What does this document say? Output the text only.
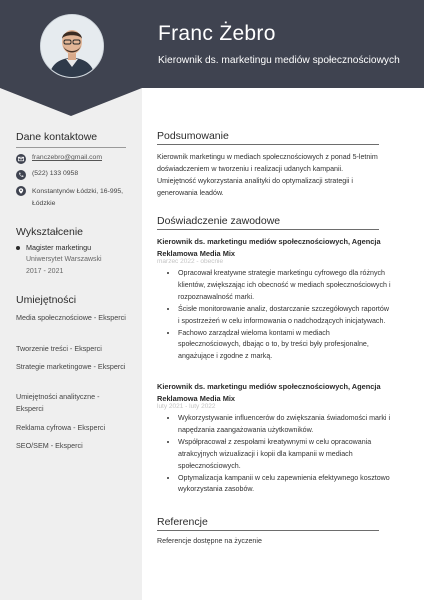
Franc Żebro
Kierownik ds. marketingu mediów społecznościowych
Dane kontaktowe
franczebro@gmail.com
(522) 133 0958
Konstantynów Łódzki, 16-995,
Łódzkie
Wykształcenie
Magister marketingu
Uniwersytet Warszawski
2017 - 2021
Umiejętności
Media społecznościowe - Eksperci
Tworzenie treści - Eksperci
Strategie marketingowe - Eksperci
Umiejętności analityczne - Eksperci
Reklama cyfrowa - Eksperci
SEO/SEM - Eksperci
Podsumowanie
Kierownik marketingu w mediach społecznościowych z ponad 5-letnim doświadczeniem w tworzeniu i realizacji udanych kampanii. Umiejętność wykorzystania analityki do optymalizacji strategii i generowania leadów.
Doświadczenie zawodowe
Kierownik ds. marketingu mediów społecznościowych, Agencja Reklamowa Media Mix
marzec 2022 - obecnie
• Opracował kreatywne strategie marketingu cyfrowego dla różnych klientów, zwiększając ich obecność w mediach społecznościowych i rozpoznawalność marki.
• Ścisłe monitorowanie analiz, dostarczanie szczegółowych raportów i spostrzeżeń w celu informowania o nadchodzących inicjatywach.
• Fachowo zarządzał wieloma kontami w mediach społecznościowych, dbając o to, by treści były profesjonalne, angażujące i zgodne z marką.
Kierownik ds. marketingu mediów społecznościowych, Agencja Reklamowa Media Mix
luty 2021 - luty 2022
• Wykorzystywanie influencerów do zwiększania świadomości marki i napędzania zaangażowania użytkowników.
• Współpracował z zespołami kreatywnymi w celu opracowania atrakcyjnych wizualizacji i kopii dla kampanii w mediach społecznościowych.
• Optymalizacja kampanii w celu zapewnienia efektywnego kosztowo wykorzystania zasobów.
Referencje
Referencje dostępne na życzenie
